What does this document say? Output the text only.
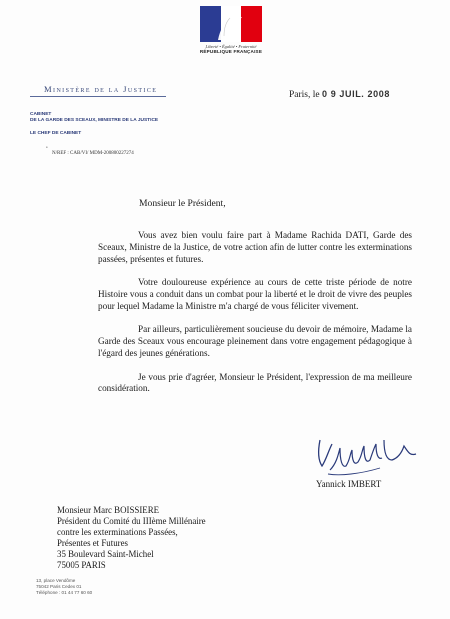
Liberté • Égalité • Fraternité
RÉPUBLIQUE FRANÇAISE
Ministère de la Justice
Paris, le 0 9 JUIL. 2008
CABINET
DE LA GARDE DES SCEAUX, MINISTRE DE LA JUSTICE
LE CHEF DE CABINET
•
N/REF : CAB/VI/ MDM-200800227274
Monsieur le Président,

Vous avez bien voulu faire part à Madame Rachida DATI, Garde des Sceaux, Ministre de la Justice, de votre action afin de lutter contre les exterminations passées, présentes et futures.

Votre douloureuse expérience au cours de cette triste période de notre Histoire vous a conduit dans un combat pour la liberté et le droit de vivre des peuples pour lequel Madame la Ministre m'a chargé de vous féliciter vivement.

Par ailleurs, particulièrement soucieuse du devoir de mémoire, Madame la Garde des Sceaux vous encourage pleinement dans votre engagement pédagogique à l'égard des jeunes générations.

Je vous prie d'agréer, Monsieur le Président, l'expression de ma meilleure considération.

Yannick IMBERT
Monsieur Marc BOISSIERE
Président du Comité du IIIème Millénaire
contre les exterminations Passées,
Présentes et Futures
35 Boulevard Saint-Michel
75005 PARIS
13, place Vendôme
75042 Paris Cedex 01
Téléphone : 01 44 77 60 60
